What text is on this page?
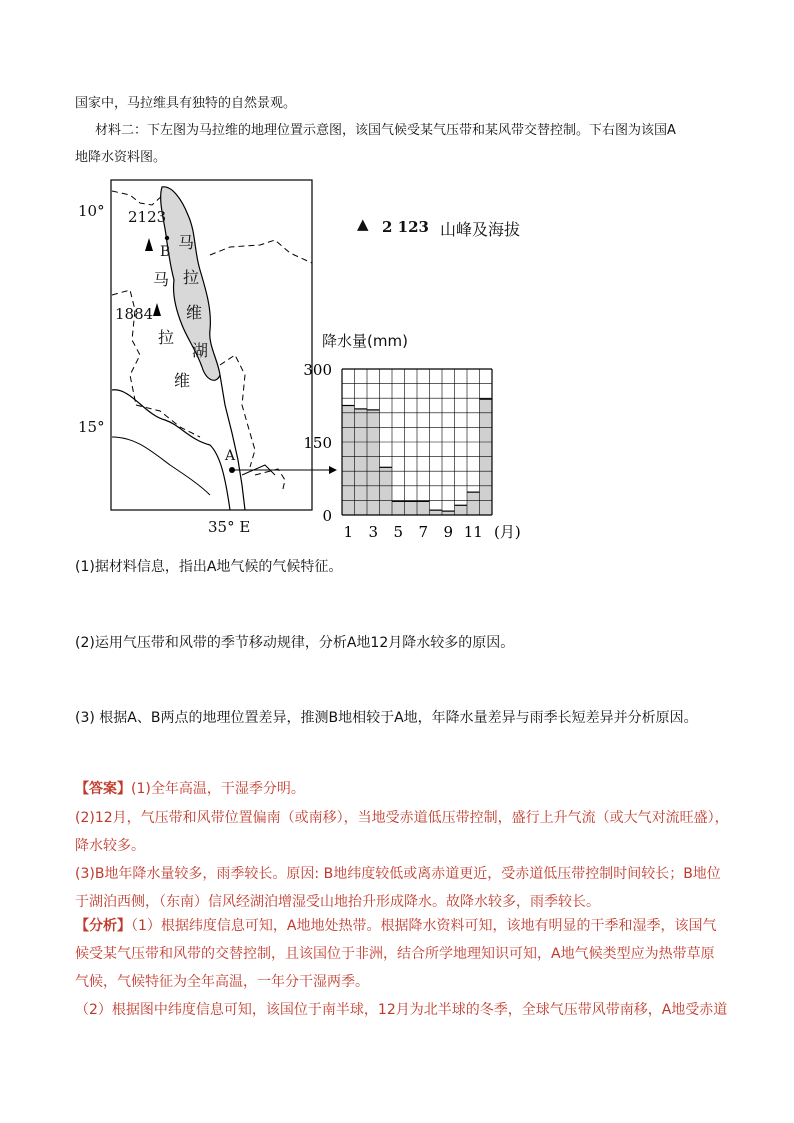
国家中，马拉维具有独特的自然景观。
材料二：下左图为马拉维的地理位置示意图，该国气候受某气压带和某风带交替控制。下右图为该国A
地降水资料图。
10°
15°
35° E
2123
1884
B
A
马
拉
维
马
拉
维
湖
▲ 2 123 山峰及海拔
降水量(mm)
0
150
300
1 3 5 7 9 11 (月)
(1)据材料信息，指出A地气候的气候特征。
(2)运用气压带和风带的季节移动规律，分析A地12月降水较多的原因。
(3) 根据A、B两点的地理位置差异，推测B地相较于A地，年降水量差异与雨季长短差异并分析原因。
【答案】(1)全年高温，干湿季分明。
(2)12月，气压带和风带位置偏南（或南移），当地受赤道低压带控制，盛行上升气流（或大气对流旺盛），
降水较多。
(3)B地年降水量较多，雨季较长。原因: B地纬度较低或离赤道更近，受赤道低压带控制时间较长；B地位
于湖泊西侧，（东南）信风经湖泊增湿受山地抬升形成降水。故降水较多，雨季较长。
【分析】（1）根据纬度信息可知，A地地处热带。根据降水资料可知，该地有明显的干季和湿季，该国气
候受某气压带和风带的交替控制，且该国位于非洲，结合所学地理知识可知，A地气候类型应为热带草原
气候，气候特征为全年高温，一年分干湿两季。
（2）根据图中纬度信息可知，该国位于南半球，12月为北半球的冬季，全球气压带风带南移，A地受赤道
